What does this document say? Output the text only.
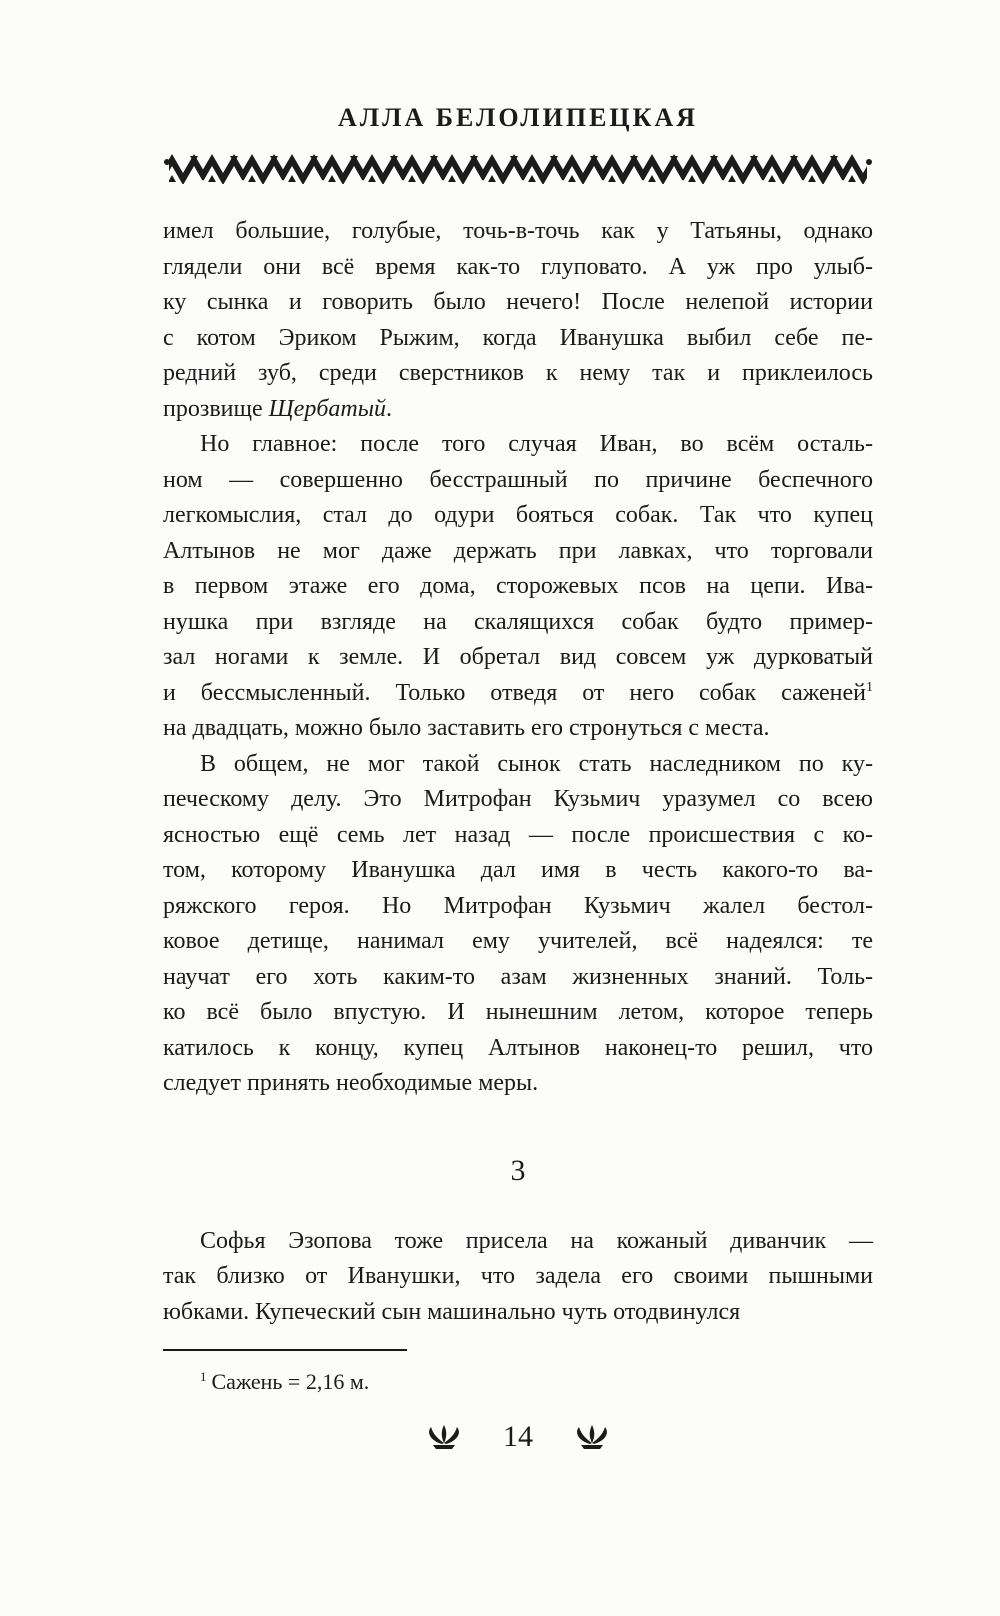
АЛЛА БЕЛОЛИПЕЦКАЯ
имел большие, голубые, точь-в-точь как у Татьяны, однако
глядели они всё время как-то глуповато. А уж про улыб-
ку сынка и говорить было нечего! После нелепой истории
с котом Эриком Рыжим, когда Иванушка выбил себе пе-
редний зуб, среди сверстников к нему так и приклеилось
прозвище Щербатый.
Но главное: после того случая Иван, во всём осталь-
ном — совершенно бесстрашный по причине беспечного
легкомыслия, стал до одури бояться собак. Так что купец
Алтынов не мог даже держать при лавках, что торговали
в первом этаже его дома, сторожевых псов на цепи. Ива-
нушка при взгляде на скалящихся собак будто пример-
зал ногами к земле. И обретал вид совсем уж дурковатый
и бессмысленный. Только отведя от него собак саженей$^1$
на двадцать, можно было заставить его стронуться с места.
В общем, не мог такой сынок стать наследником по ку-
печескому делу. Это Митрофан Кузьмич уразумел со всею
ясностью ещё семь лет назад — после происшествия с ко-
том, которому Иванушка дал имя в честь какого-то ва-
ряжского героя. Но Митрофан Кузьмич жалел бестол-
ковое детище, нанимал ему учителей, всё надеялся: те
научат его хоть каким-то азам жизненных знаний. Толь-
ко всё было впустую. И нынешним летом, которое теперь
катилось к концу, купец Алтынов наконец-то решил, что
следует принять необходимые меры.
3
Софья Эзопова тоже присела на кожаный диванчик —
так близко от Иванушки, что задела его своими пышными
юбками. Купеческий сын машинально чуть отодвинулся
$^1$ Сажень = 2,16 м.
14
